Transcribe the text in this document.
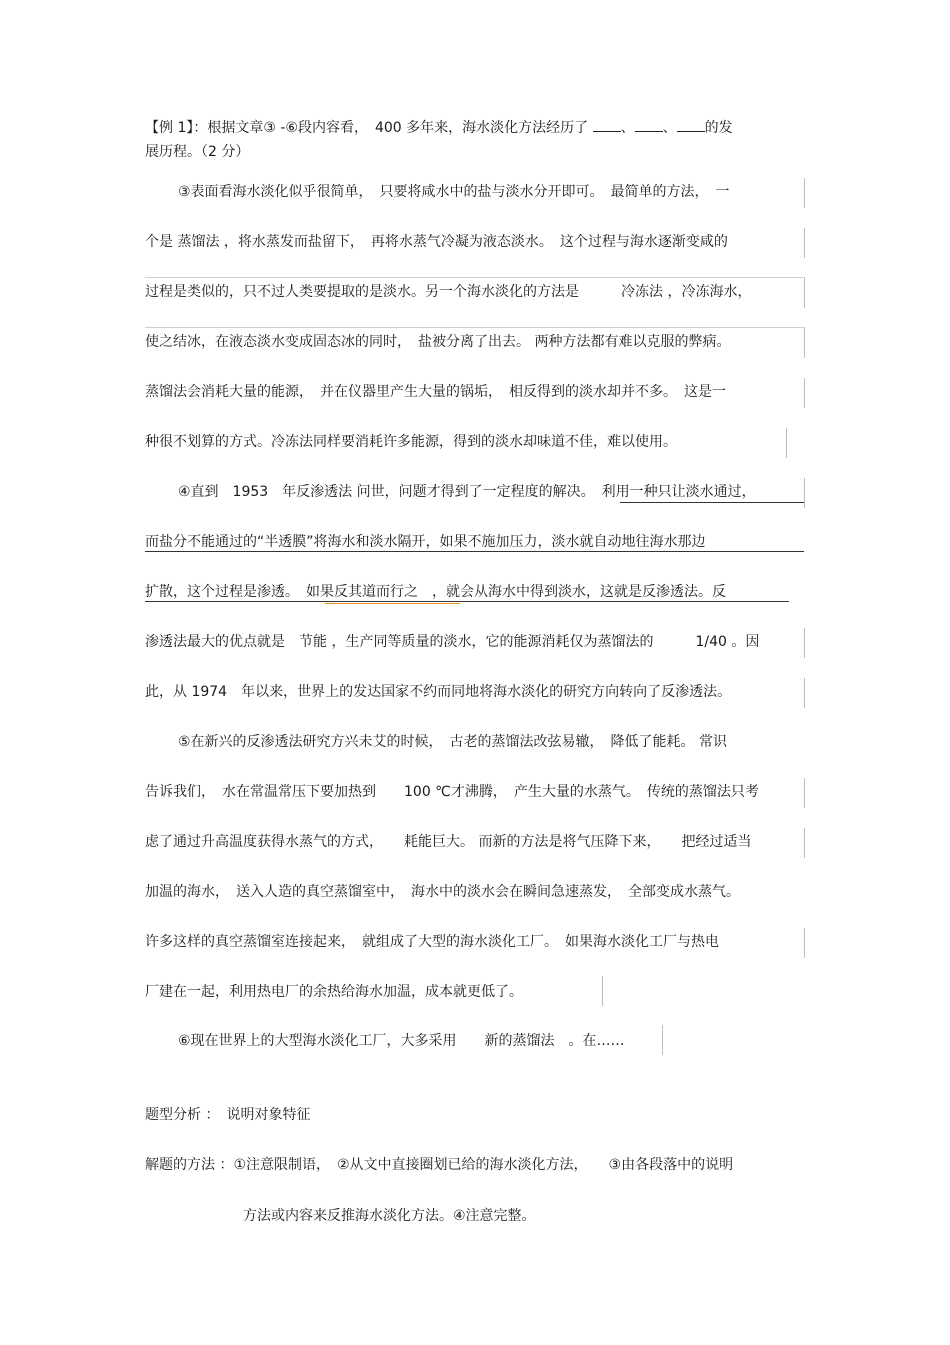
【例 1】：根据文章③ -⑥段内容看，　400 多年来，海水淡化方法经历了 、 、 的发
展历程。（2 分）
③表面看海水淡化似乎很简单，　只要将咸水中的盐与淡水分开即可。　最简单的方法，　一
个是 蒸馏法 ，将水蒸发而盐留下，　再将水蒸气冷凝为液态淡水。　这个过程与海水逐渐变咸的
过程是类似的，只不过人类要提取的是淡水。另一个海水淡化的方法是　　　冷冻法 ，冷冻海水，
使之结冰，在液态淡水变成固态冰的同时，　盐被分离了出去。 两种方法都有难以克服的弊病。
蒸馏法会消耗大量的能源，　并在仪器里产生大量的锅垢，　相反得到的淡水却并不多。　这是一
种很不划算的方式。冷冻法同样要消耗许多能源，得到的淡水却味道不佳，难以使用。
④直到　1953　年反渗透法 问世，问题才得到了一定程度的解决。　利用一种只让淡水通过，
而盐分不能通过的“半透膜”将海水和淡水隔开，如果不施加压力，淡水就自动地往海水那边
扩散，这个过程是渗透。　如果反其道而行之　，就会从海水中得到淡水，这就是反渗透法。反
渗透法最大的优点就是　节能 ，生产同等质量的淡水，它的能源消耗仅为蒸馏法的　　　1/40 。因
此，从 1974　年以来，世界上的发达国家不约而同地将海水淡化的研究方向转向了反渗透法。
⑤在新兴的反渗透法研究方兴未艾的时候，　古老的蒸馏法改弦易辙，　降低了能耗。 常识
告诉我们，　水在常温常压下要加热到　　100 ℃才沸腾，　产生大量的水蒸气。　传统的蒸馏法只考
虑了通过升高温度获得水蒸气的方式，　　耗能巨大。 而新的方法是将气压降下来，　　把经过适当
加温的海水，　送入人造的真空蒸馏室中，　海水中的淡水会在瞬间急速蒸发，　全部变成水蒸气。
许多这样的真空蒸馏室连接起来，　就组成了大型的海水淡化工厂。　如果海水淡化工厂与热电
厂建在一起，利用热电厂的余热给海水加温，成本就更低了。
⑥现在世界上的大型海水淡化工厂，大多采用　　新的蒸馏法　。在……
题型分析 ：　说明对象特征
解题的方法 ：①注意限制语，　②从文中直接圈划已给的海水淡化方法，　　③由各段落中的说明
方法或内容来反推海水淡化方法。④注意完整。
